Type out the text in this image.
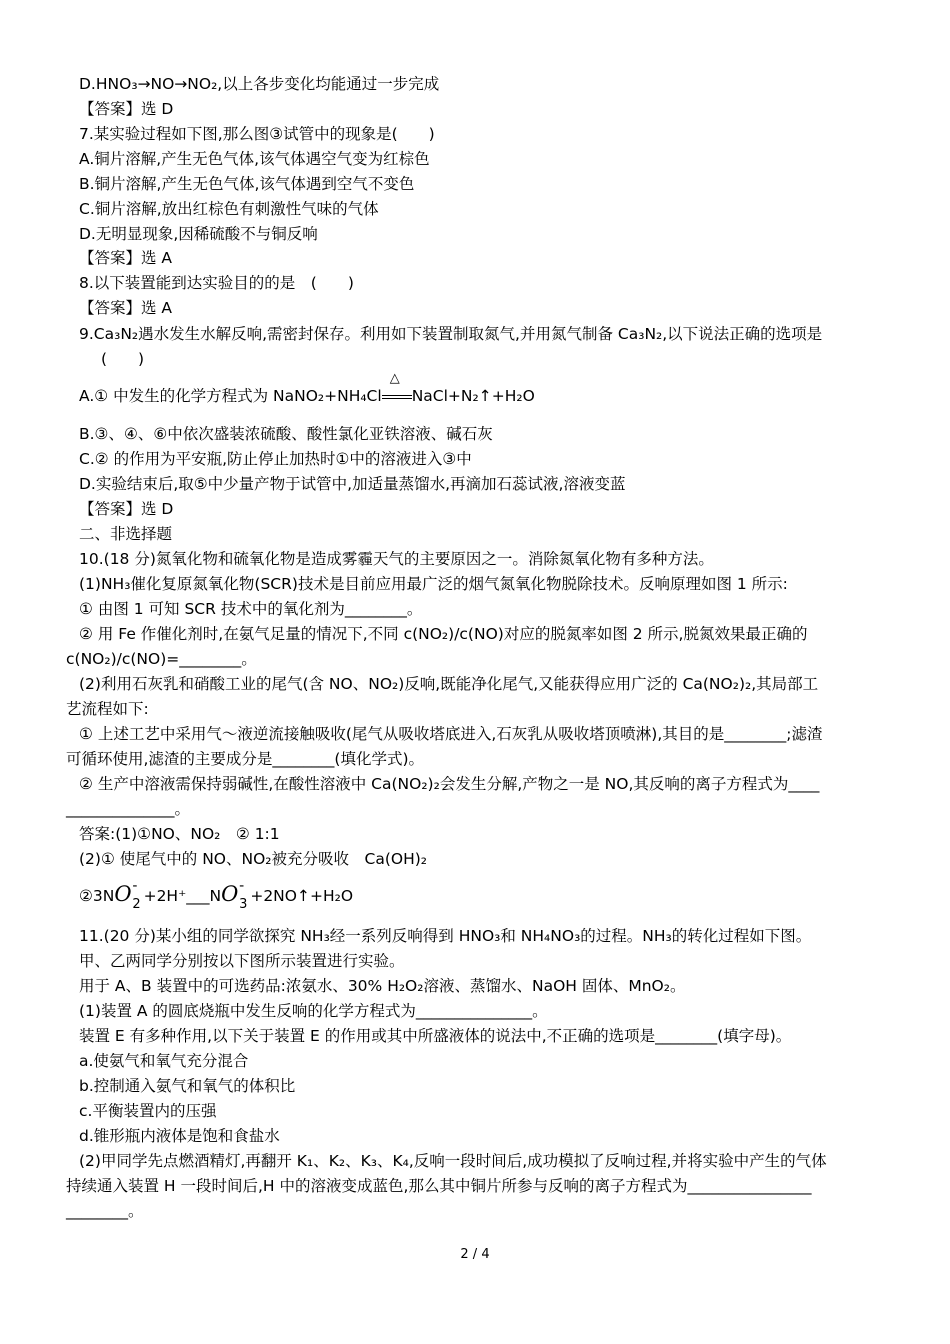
D.HNO₃→NO→NO₂,以上各步变化均能通过一步完成
【答案】选 D
7.某实验过程如下图,那么图③试管中的现象是(　　)
A.铜片溶解,产生无色气体,该气体遇空气变为红棕色
B.铜片溶解,产生无色气体,该气体遇到空气不变色
C.铜片溶解,放出红棕色有刺激性气味的气体
D.无明显现象,因稀硫酸不与铜反响
【答案】选 A
8.以下装置能到达实验目的的是　(　　)
【答案】选 A
9.Ca₃N₂遇水发生水解反响,需密封保存。利用如下装置制取氮气,并用氮气制备 Ca₃N₂,以下说法正确的选项是
(　　)
A.① 中发生的化学方程式为 NaNO₂+NH₄Cl
△
NaCl+N₂↑+H₂O
B.③、④、⑥中依次盛装浓硫酸、酸性氯化亚铁溶液、碱石灰
C.② 的作用为平安瓶,防止停止加热时①中的溶液进入③中
D.实验结束后,取⑤中少量产物于试管中,加适量蒸馏水,再滴加石蕊试液,溶液变蓝
【答案】选 D
二、非选择题
10.(18 分)氮氧化物和硫氧化物是造成雾霾天气的主要原因之一。消除氮氧化物有多种方法。
(1)NH₃催化复原氮氧化物(SCR)技术是目前应用最广泛的烟气氮氧化物脱除技术。反响原理如图 1 所示:
① 由图 1 可知 SCR 技术中的氧化剂为________。
② 用 Fe 作催化剂时,在氨气足量的情况下,不同 c(NO₂)/c(NO)对应的脱氮率如图 2 所示,脱氮效果最正确的
c(NO₂)/c(NO)=________。
(2)利用石灰乳和硝酸工业的尾气(含 NO、NO₂)反响,既能净化尾气,又能获得应用广泛的 Ca(NO₂)₂,其局部工
艺流程如下:
① 上述工艺中采用气～液逆流接触吸收(尾气从吸收塔底进入,石灰乳从吸收塔顶喷淋),其目的是________;滤渣
可循环使用,滤渣的主要成分是________(填化学式)。
② 生产中溶液需保持弱碱性,在酸性溶液中 Ca(NO₂)₂会发生分解,产物之一是 NO,其反响的离子方程式为____
______________。
答案:(1)①NO、NO₂　② 1:1
(2)① 使尾气中的 NO、NO₂被充分吸收　Ca(OH)₂
②3NO -
2 +2H⁺___NO -
3 +2NO↑+H₂O
11.(20 分)某小组的同学欲探究 NH₃经一系列反响得到 HNO₃和 NH₄NO₃的过程。NH₃的转化过程如下图。
甲、乙两同学分别按以下图所示装置进行实验。
用于 A、B 装置中的可选药品:浓氨水、30% H₂O₂溶液、蒸馏水、NaOH 固体、MnO₂。
(1)装置 A 的圆底烧瓶中发生反响的化学方程式为_______________。
装置 E 有多种作用,以下关于装置 E 的作用或其中所盛液体的说法中,不正确的选项是________(填字母)。
a.使氨气和氧气充分混合
b.控制通入氨气和氧气的体积比
c.平衡装置内的压强
d.锥形瓶内液体是饱和食盐水
(2)甲同学先点燃酒精灯,再翻开 K₁、K₂、K₃、K₄,反响一段时间后,成功模拟了反响过程,并将实验中产生的气体
持续通入装置 H 一段时间后,H 中的溶液变成蓝色,那么其中铜片所参与反响的离子方程式为________________
________。
2 / 4
